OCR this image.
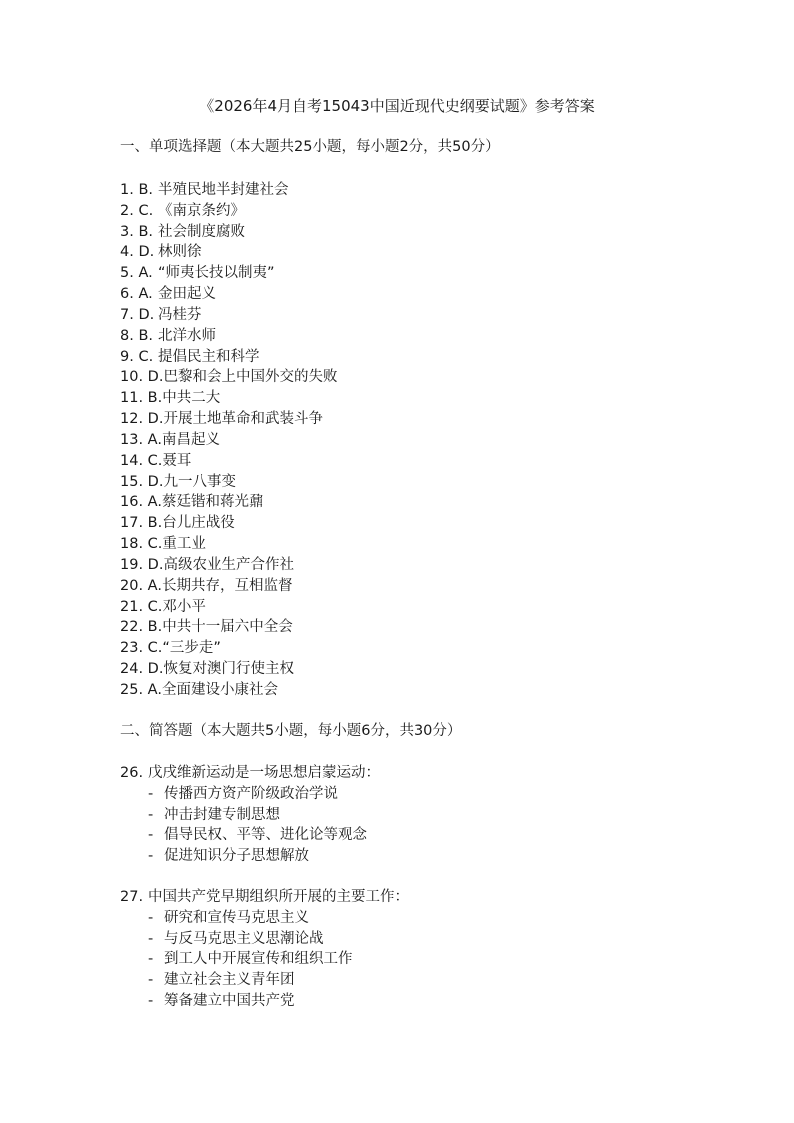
《2026年4月自考15043中国近现代史纲要试题》参考答案
一、单项选择题（本大题共25小题，每小题2分，共50分）
1. B. 半殖民地半封建社会
2. C. 《南京条约》
3. B. 社会制度腐败
4. D. 林则徐
5. A. “师夷长技以制夷”
6. A. 金田起义
7. D. 冯桂芬
8. B. 北洋水师
9. C. 提倡民主和科学
10. D.巴黎和会上中国外交的失败
11. B.中共二大
12. D.开展土地革命和武装斗争
13. A.南昌起义
14. C.聂耳
15. D.九一八事变
16. A.蔡廷锴和蒋光鼐
17. B.台儿庄战役
18. C.重工业
19. D.高级农业生产合作社
20. A.长期共存，互相监督
21. C.邓小平
22. B.中共十一届六中全会
23. C.“三步走”
24. D.恢复对澳门行使主权
25. A.全面建设小康社会
二、简答题（本大题共5小题，每小题6分，共30分）
26. 戊戌维新运动是一场思想启蒙运动：
- 传播西方资产阶级政治学说
- 冲击封建专制思想
- 倡导民权、平等、进化论等观念
- 促进知识分子思想解放
27. 中国共产党早期组织所开展的主要工作：
- 研究和宣传马克思主义
- 与反马克思主义思潮论战
- 到工人中开展宣传和组织工作
- 建立社会主义青年团
- 筹备建立中国共产党
